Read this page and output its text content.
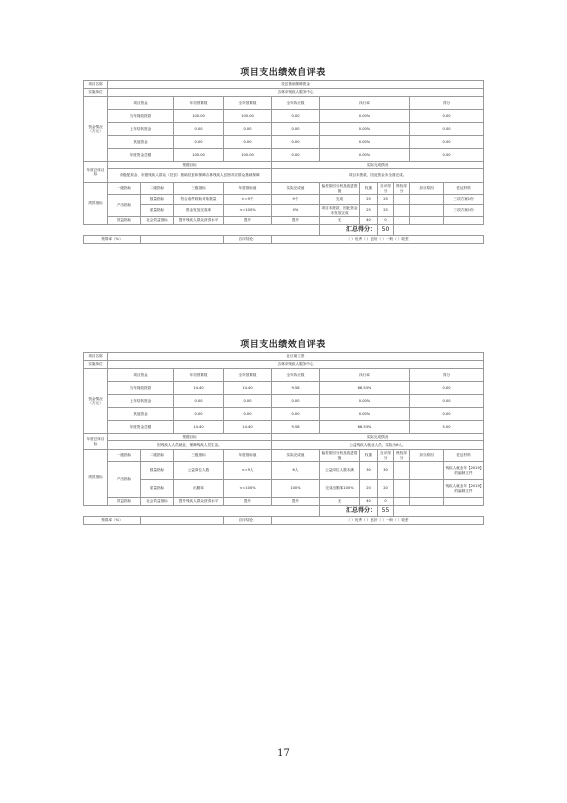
项目支出绩效自评表
项目名称	扶贫基础保障资金										
实施单位	吉林市残疾人服务中心										
资金情况（万元）	项目资金		年初预算数	全年预算数	全年执行数	执行率				得分	
	当年财政拨款		100.00	100.00	0.00	0.00%				0.00	
	上年结转资金		0.00	0.00	0.00	0.00%				0.00	
	其他资金		0.00	0.00	0.00	0.00%				0.00	
	年度资金总额		100.00	100.00	0.00	0.00%				0.00	
年度总体目标	预期目标				实际完成情况						
	市级配套金、市级残疾人群众（扶贫）基础扶贫和保障吉林残疾人贫困对应群众基础保障				项目未拨款，因此资金未全面完成。						
绩效指标	一级指标	二级指标	三级指标	年度指标值	实际完成值	偏差原因分析及改进措施	权重	自评得分	核验得分	扣分原因	佐证材料
	产出指标	数量指标	符合条件救助对象数量	>=9个	9个	完成	25	25			三项方案1份
		质量指标	资金发放完成率	<=100%	0%	项目未拨款，因此资金未发放完成	25	25			三项方案1份
	效益指标	社会效益指标	提升残疾人群众获得水平	提升	提升	无	40	0			
						汇总得分：		50			
预算率（%）				自评结论：	（ ）优秀（ ）良好（ ）一般（ ）较差						
项目支出绩效自评表
项目名称	社区助工资										
实施单位	吉林市残疾人服务中心										
资金情况（万元）	项目资金		年初预算数	全年预算数	全年执行数	执行率				得分	
	当年财政拨款		14.40	14.40	9.58	66.53%				0.00	
	上年结转资金		0.00	0.00	0.00	0.00%				0.00	
	其他资金		0.00	0.00	0.00	0.00%				0.00	
	年度资金总额		14.40	14.40	9.58	66.53%				5.00	
年度总体目标	预期目标				实际完成情况						
	因残疾人人员就业、保障残疾人员生活。				公益残疾人就业人员，实际为6人。						
绩效指标	一级指标	二级指标	三级指标	年度指标值	实际完成值	偏差原因分析及改进措施	权重	自评得分	核验得分	扣分原因	佐证材料
	产出指标	数量指标	公益岗位人数	<=9人	6人	公益岗位人数未满	30	30			残疾人就业年【2019】的编制文件
		质量指标	出勤率	<=100%	100%	完成出勤率100%	20	20			残疾人就业年【2019】的编制文件
	效益指标	社会效益指标	提升残疾人群众获得水平	提升	提升	无	40	0			
						汇总得分：		55			
预算率（%）				自评结论：	（ ）优秀（ ）良好（ ）一般（ ）较差						
17
